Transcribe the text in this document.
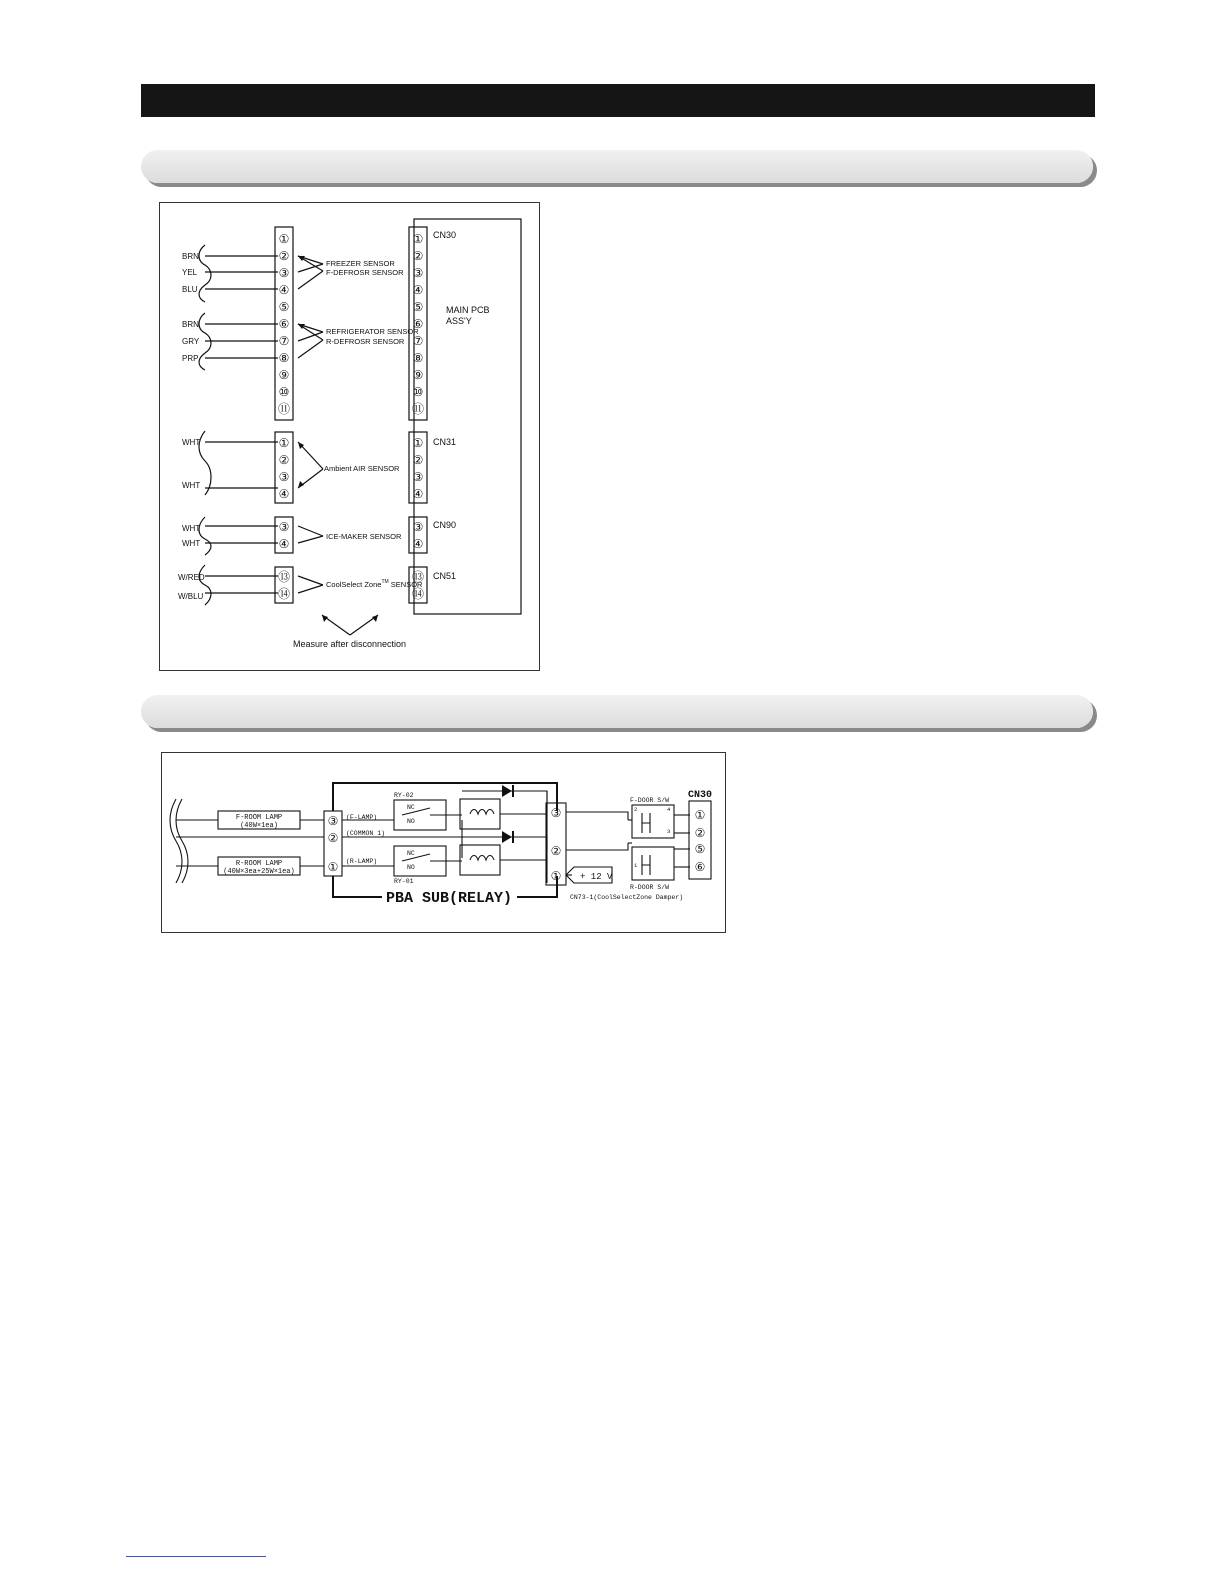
①
②
③
④
⑤
⑥
⑦
⑧
⑨
⑩
⑪
①
②
③
④
⑤
⑥
⑦
⑧
⑨
⑩
⑪
①
②
③
④
①
②
③
④
③
④
③
④
⑬
⑭
⑬
⑭
BRN
YEL
BLU
BRN
GRY
PRP
WHT
WHT
WHT
WHT
W/RED
W/BLU
FREEZER SENSOR
F-DEFROSR SENSOR
REFRIGERATOR SENSOR
R-DEFROSR SENSOR
Ambient AIR SENSOR
ICE-MAKER SENSOR
CoolSelect Zone™ SENSOR
CN30
CN31
CN90
CN51
MAIN PCB
ASS'Y
Measure after disconnection
F-ROOM LAMP
(40W×1ea)
R-ROOM LAMP
(40W×3ea+25W×1ea)
③
②
①
③
②
①
①
②
⑤
⑥
(F-LAMP)
(COMMON 1)
(R-LAMP)
RY-02
RY-01
NC
NO
NC
NO
F-DOOR S/W
R-DOOR S/W
CN73-1(CoolSelectZone Damper)
2	4
1
3
+ 12 V
CN30
PBA SUB(RELAY)
